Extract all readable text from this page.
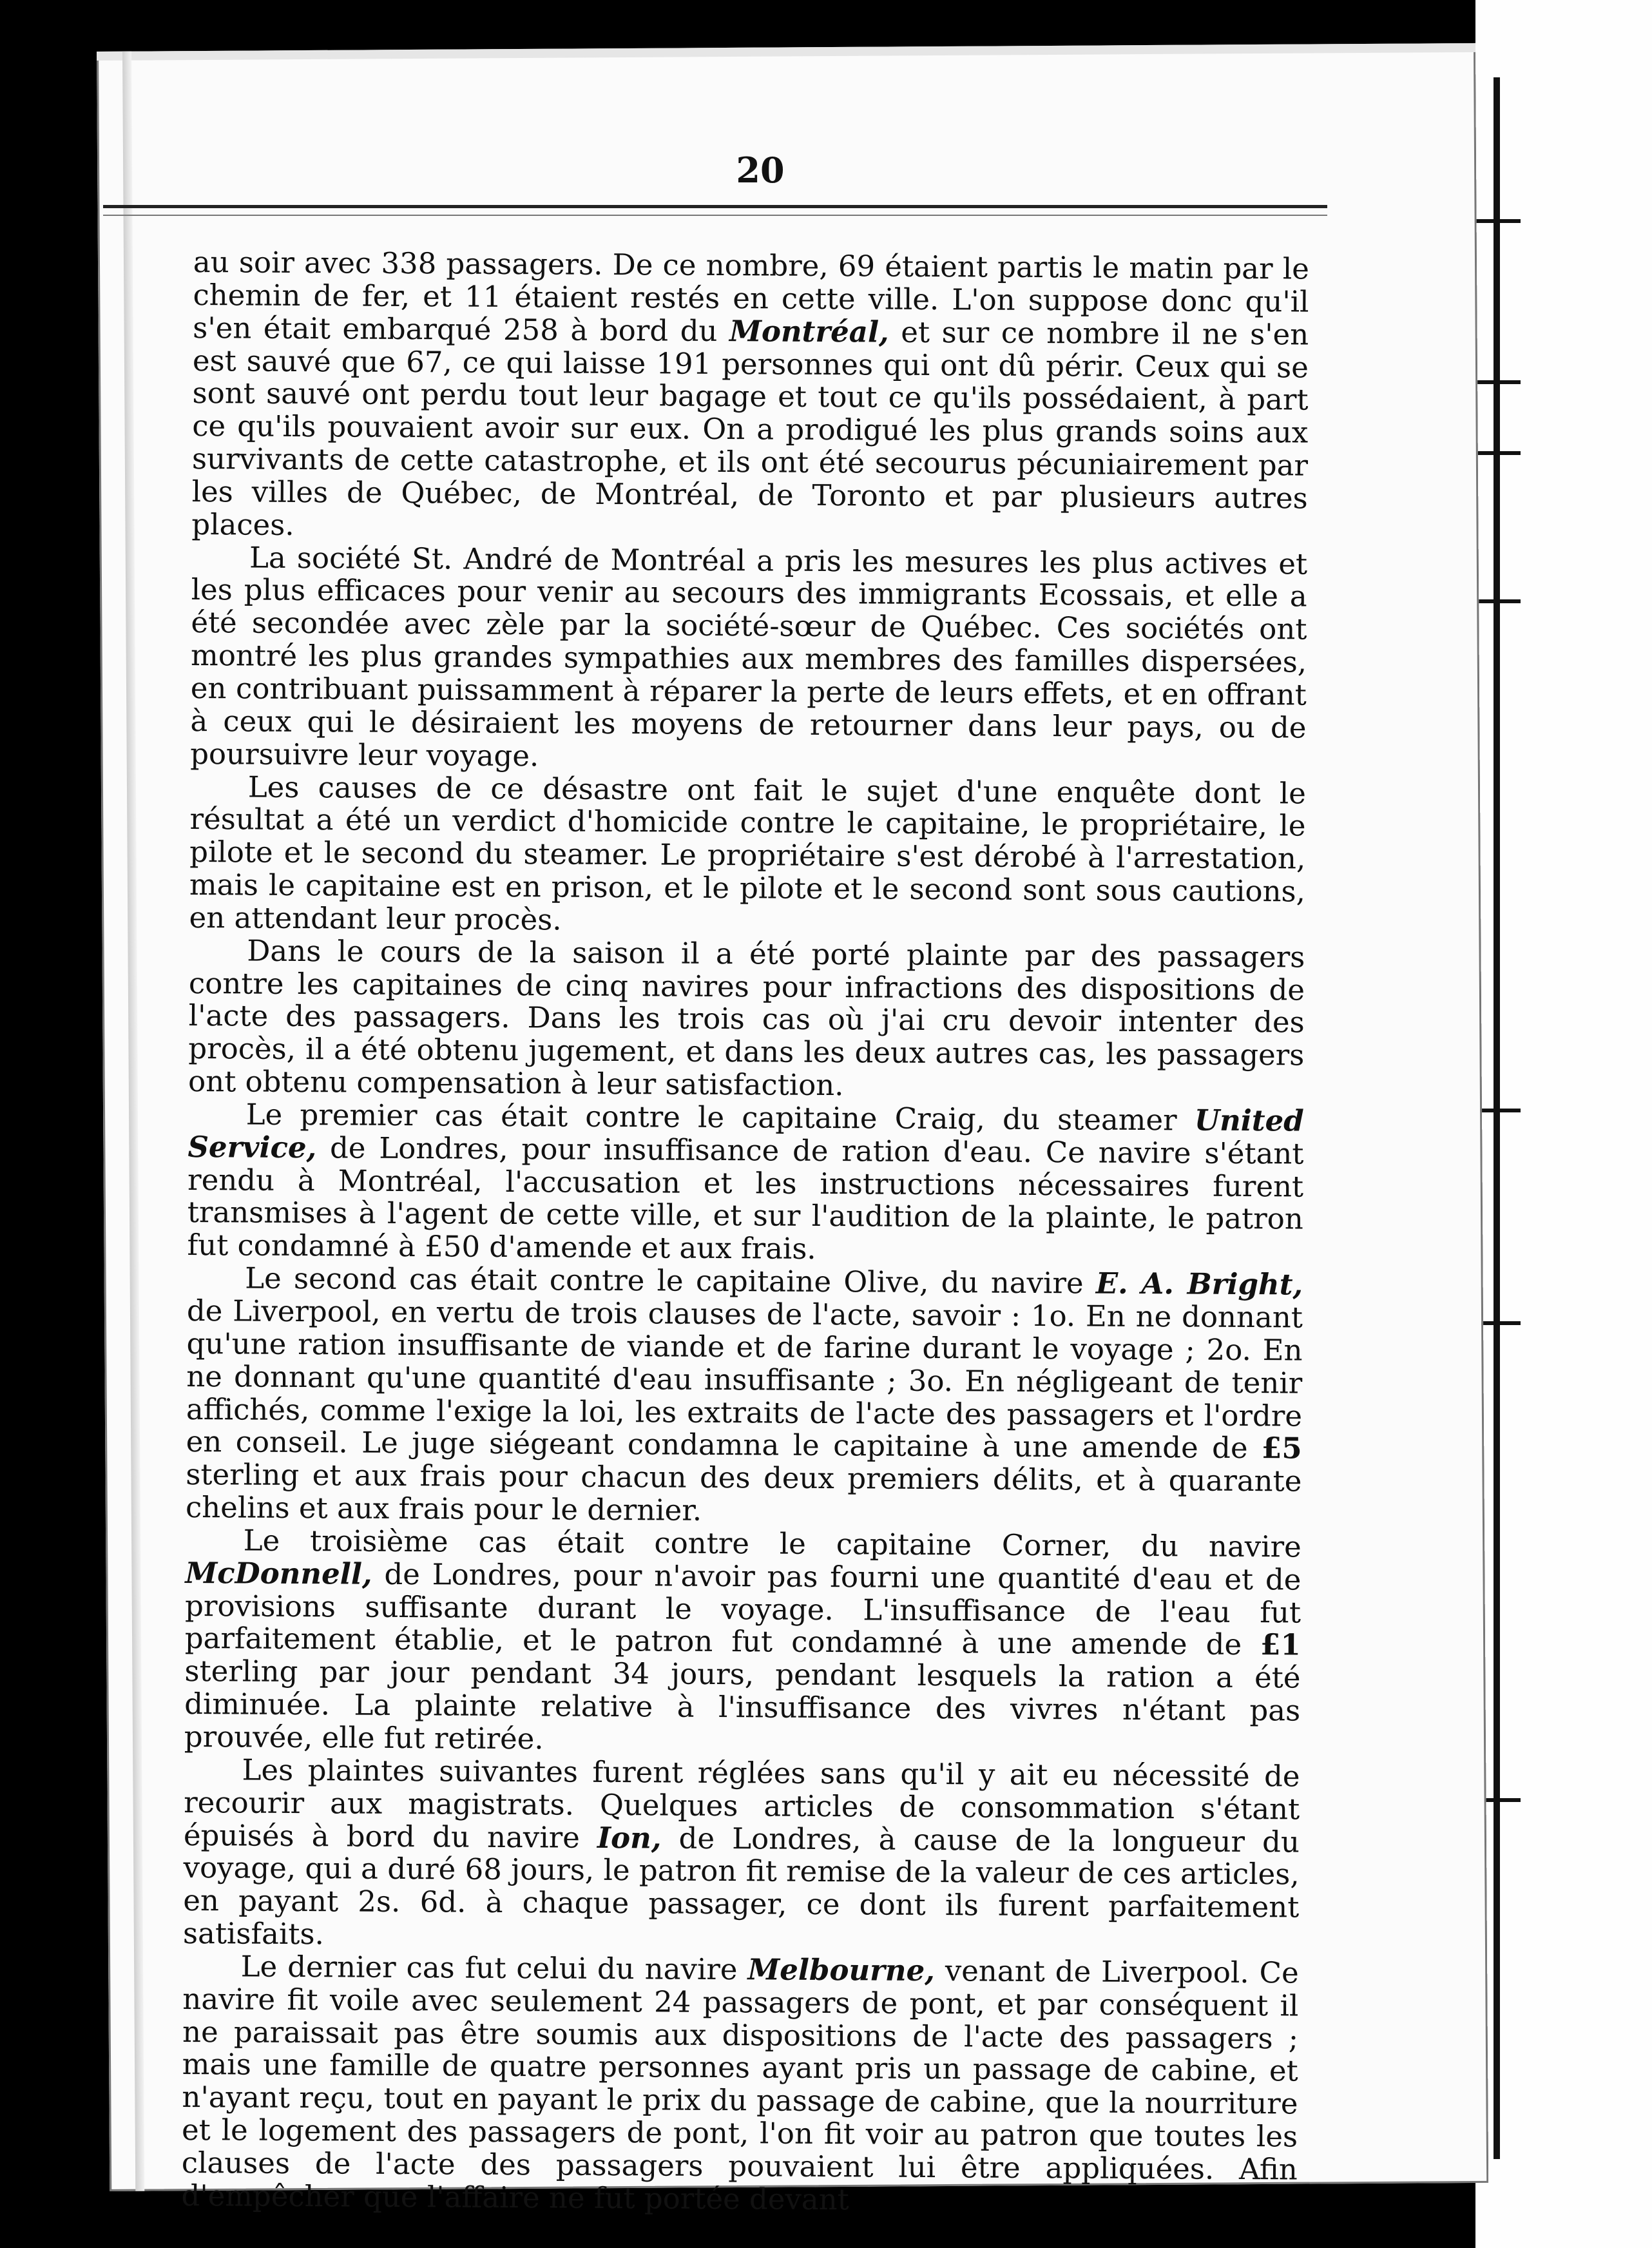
20

au soir avec 338 passagers. De ce nombre, 69 étaient partis le matin par le chemin de fer, et 11 étaient restés en cette ville. L'on suppose donc qu'il s'en était embarqué 258 à bord du Montréal, et sur ce nombre il ne s'en est sauvé que 67, ce qui laisse 191 personnes qui ont dû périr. Ceux qui se sont sauvé ont perdu tout leur bagage et tout ce qu'ils possédaient, à part ce qu'ils pouvaient avoir sur eux. On a prodigué les plus grands soins aux survivants de cette catastrophe, et ils ont été secourus pécuniairement par les villes de Québec, de Montréal, de Toronto et par plusieurs autres places.

La société St. André de Montréal a pris les mesures les plus actives et les plus efficaces pour venir au secours des immigrants Ecossais, et elle a été secondée avec zèle par la société-sœur de Québec. Ces sociétés ont montré les plus grandes sympathies aux membres des familles dispersées, en contribuant puissamment à réparer la perte de leurs effets, et en offrant à ceux qui le désiraient les moyens de retourner dans leur pays, ou de poursuivre leur voyage.

Les causes de ce désastre ont fait le sujet d'une enquête dont le résultat a été un verdict d'homicide contre le capitaine, le propriétaire, le pilote et le second du steamer. Le propriétaire s'est dérobé à l'arrestation, mais le capitaine est en prison, et le pilote et le second sont sous cautions, en attendant leur procès.

Dans le cours de la saison il a été porté plainte par des passagers contre les capitaines de cinq navires pour infractions des dispositions de l'acte des passagers. Dans les trois cas où j'ai cru devoir intenter des procès, il a été obtenu jugement, et dans les deux autres cas, les passagers ont obtenu compensation à leur satisfaction.

Le premier cas était contre le capitaine Craig, du steamer United Service, de Londres, pour insuffisance de ration d'eau. Ce navire s'étant rendu à Montréal, l'accusation et les instructions nécessaires furent transmises à l'agent de cette ville, et sur l'audition de la plainte, le patron fut condamné à £50 d'amende et aux frais.

Le second cas était contre le capitaine Olive, du navire E. A. Bright, de Liverpool, en vertu de trois clauses de l'acte, savoir : 1o. En ne donnant qu'une ration insuffisante de viande et de farine durant le voyage ; 2o. En ne donnant qu'une quantité d'eau insuffisante ; 3o. En négligeant de tenir affichés, comme l'exige la loi, les extraits de l'acte des passagers et l'ordre en conseil. Le juge siégeant condamna le capitaine à une amende de £5 sterling et aux frais pour chacun des deux premiers délits, et à quarante chelins et aux frais pour le dernier.

Le troisième cas était contre le capitaine Corner, du navire McDonnell, de Londres, pour n'avoir pas fourni une quantité d'eau et de provisions suffisante durant le voyage. L'insuffisance de l'eau fut parfaitement établie, et le patron fut condamné à une amende de £1 sterling par jour pendant 34 jours, pendant lesquels la ration a été diminuée. La plainte relative à l'insuffisance des vivres n'étant pas prouvée, elle fut retirée.

Les plaintes suivantes furent réglées sans qu'il y ait eu nécessité de recourir aux magistrats. Quelques articles de consommation s'étant épuisés à bord du navire Ion, de Londres, à cause de la longueur du voyage, qui a duré 68 jours, le patron fit remise de la valeur de ces articles, en payant 2s. 6d. à chaque passager, ce dont ils furent parfaitement satisfaits.

Le dernier cas fut celui du navire Melbourne, venant de Liverpool. Ce navire fit voile avec seulement 24 passagers de pont, et par conséquent il ne paraissait pas être soumis aux dispositions de l'acte des passagers ; mais une famille de quatre personnes ayant pris un passage de cabine, et n'ayant reçu, tout en payant le prix du passage de cabine, que la nourriture et le logement des passagers de pont, l'on fit voir au patron que toutes les clauses de l'acte des passagers pouvaient lui être appliquées. Afin d'empêcher que l'affaire ne fut portée devant
